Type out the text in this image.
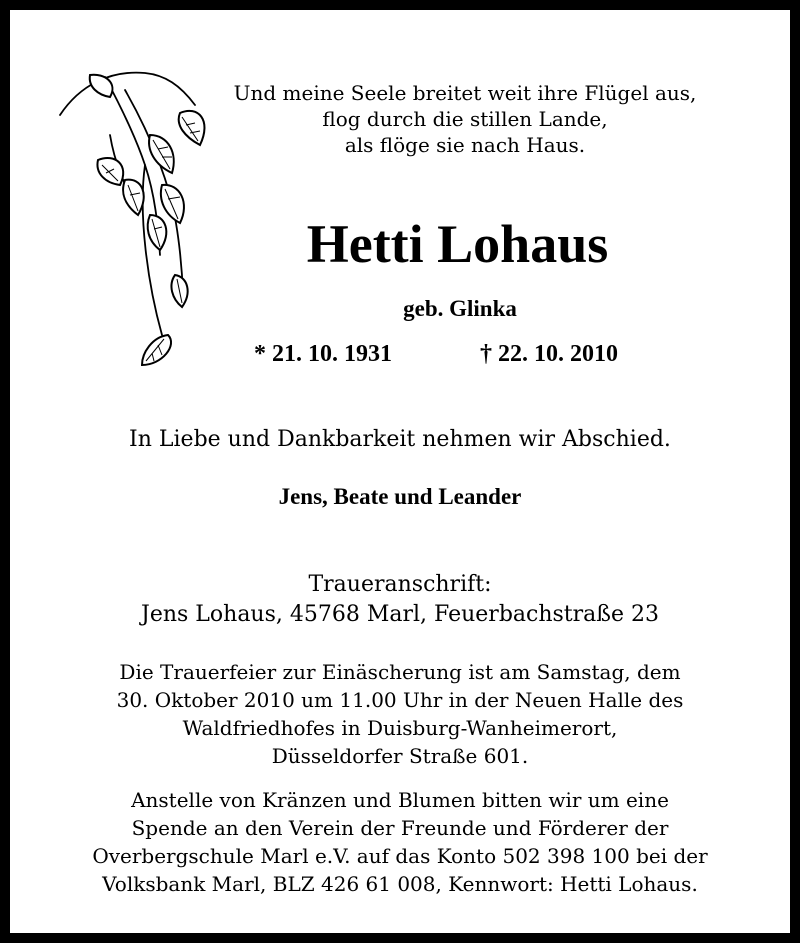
Und meine Seele breitet weit ihre Flügel aus,
flog durch die stillen Lande,
als flöge sie nach Haus.
Hetti Lohaus
geb. Glinka
* 21. 10. 1931	† 22. 10. 2010
In Liebe und Dankbarkeit nehmen wir Abschied.
Jens, Beate und Leander
Traueranschrift:
Jens Lohaus, 45768 Marl, Feuerbachstraße 23
Die Trauerfeier zur Einäscherung ist am Samstag, dem
30. Oktober 2010 um 11.00 Uhr in der Neuen Halle des
Waldfriedhofes in Duisburg-Wanheimerort,
Düsseldorfer Straße 601.
Anstelle von Kränzen und Blumen bitten wir um eine
Spende an den Verein der Freunde und Förderer der
Overbergschule Marl e.V. auf das Konto 502 398 100 bei der
Volksbank Marl, BLZ 426 61 008, Kennwort: Hetti Lohaus.
